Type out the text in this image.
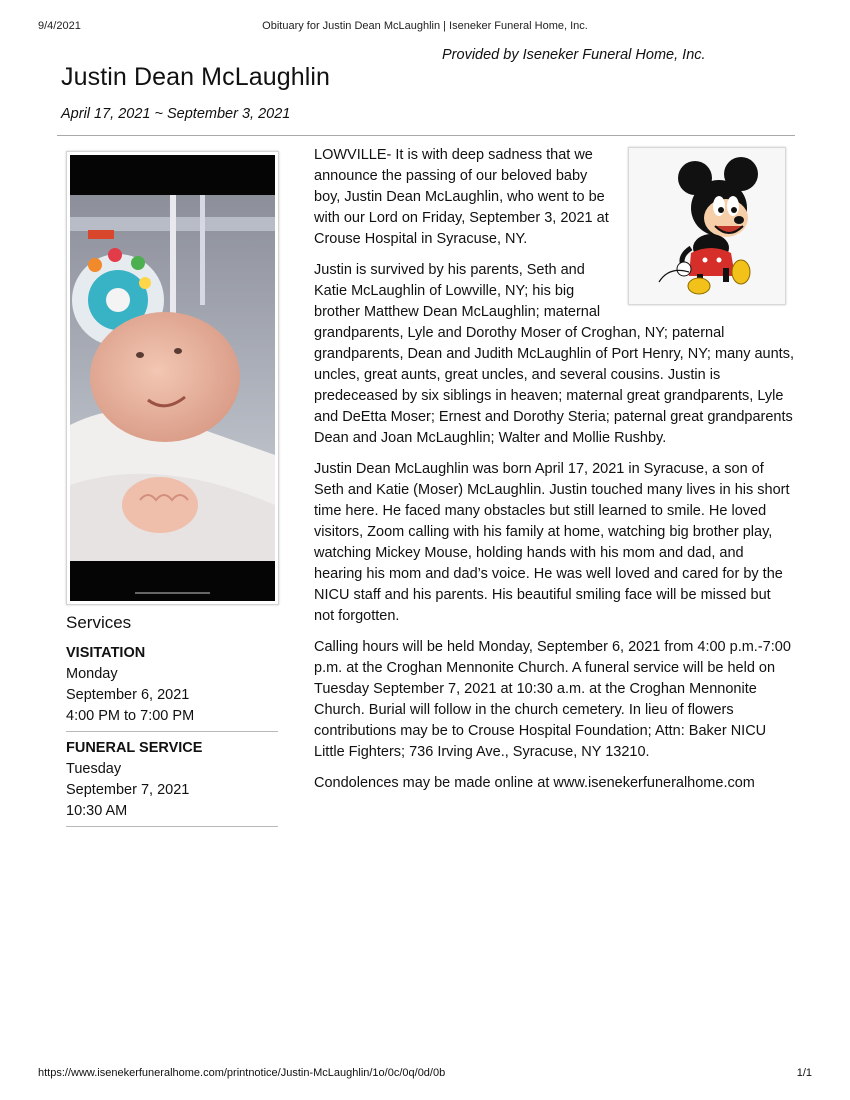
9/4/2021	Obituary for Justin Dean McLaughlin | Iseneker Funeral Home, Inc.
Provided by Iseneker Funeral Home, Inc.
Justin Dean McLaughlin
April 17, 2021 ~ September 3, 2021
Services
VISITATION
Monday
September 6, 2021
4:00 PM to 7:00 PM
FUNERAL SERVICE
Tuesday
September 7, 2021
10:30 AM

LOWVILLE- It is with deep sadness that we announce the passing of our beloved baby boy, Justin Dean McLaughlin, who went to be with our Lord on Friday, September 3, 2021 at Crouse Hospital in Syracuse, NY.

Justin is survived by his parents, Seth and Katie McLaughlin of Lowville, NY; his big brother Matthew Dean McLaughlin; maternal grandparents, Lyle and Dorothy Moser of Croghan, NY; paternal grandparents, Dean and Judith McLaughlin of Port Henry, NY; many aunts, uncles, great aunts, great uncles, and several cousins. Justin is predeceased by six siblings in heaven; maternal great grandparents, Lyle and DeEtta Moser; Ernest and Dorothy Steria; paternal great grandparents Dean and Joan McLaughlin; Walter and Mollie Rushby.

Justin Dean McLaughlin was born April 17, 2021 in Syracuse, a son of Seth and Katie (Moser) McLaughlin. Justin touched many lives in his short time here. He faced many obstacles but still learned to smile. He loved visitors, Zoom calling with his family at home, watching big brother play, watching Mickey Mouse, holding hands with his mom and dad, and hearing his mom and dad’s voice. He was well loved and cared for by the NICU staff and his parents. His beautiful smiling face will be missed but not forgotten.

Calling hours will be held Monday, September 6, 2021 from 4:00 p.m.-7:00 p.m. at the Croghan Mennonite Church. A funeral service will be held on Tuesday September 7, 2021 at 10:30 a.m. at the Croghan Mennonite Church. Burial will follow in the church cemetery. In lieu of flowers contributions may be to Crouse Hospital Foundation; Attn: Baker NICU Little Fighters; 736 Irving Ave., Syracuse, NY 13210.

Condolences may be made online at www.isenekerfuneralhome.com

https://www.isenekerfuneralhome.com/printnotice/Justin-McLaughlin/1o/0c/0q/0d/0b	1/1
